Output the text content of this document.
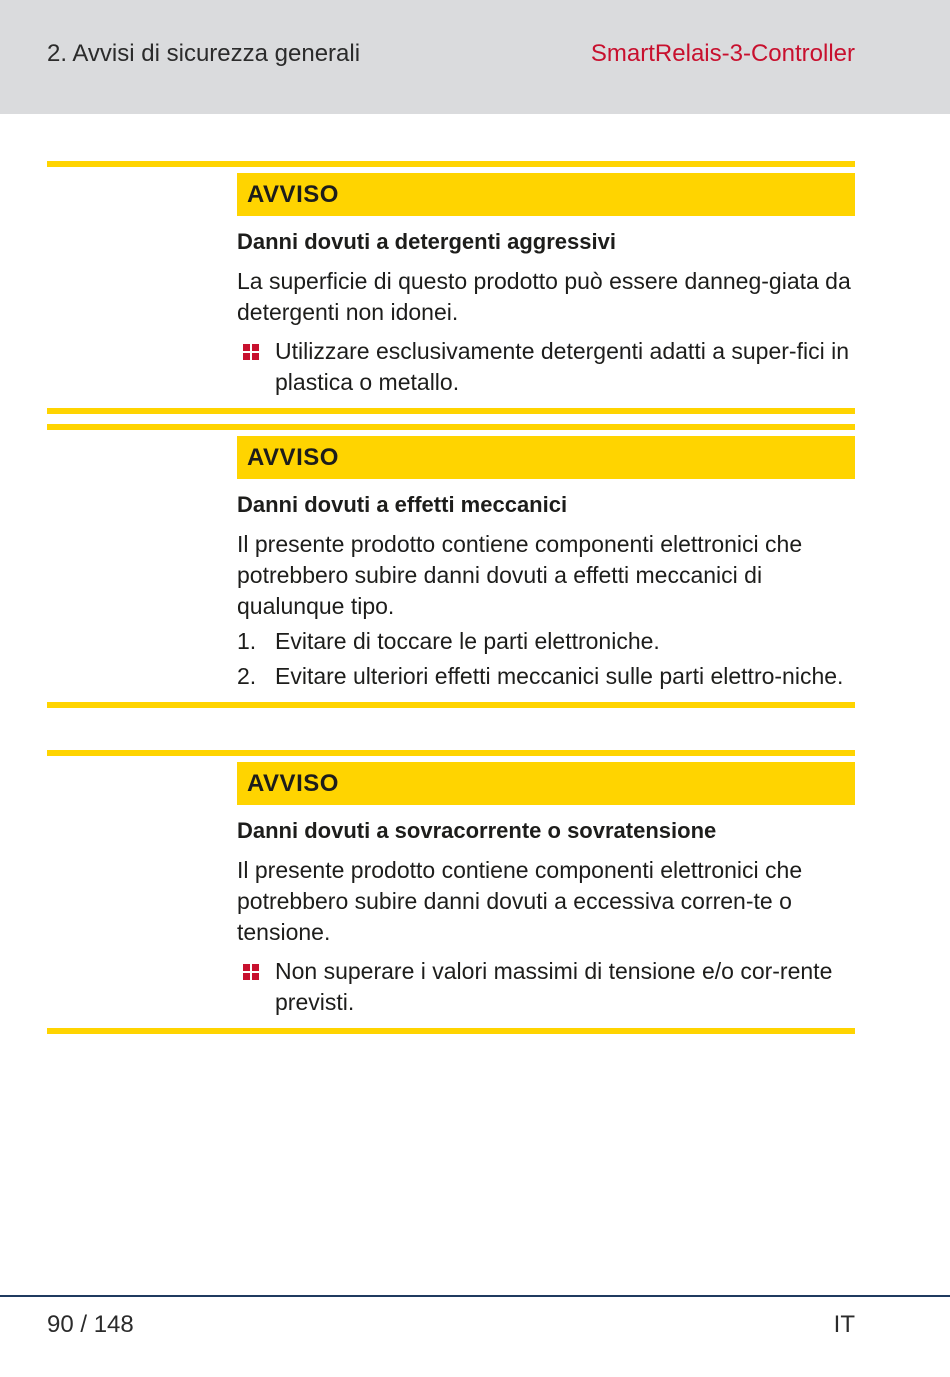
2. Avvisi di sicurezza generali	SmartRelais-3-Controller
AVVISO
Danni dovuti a detergenti aggressivi
La superficie di questo prodotto può essere danneg-giata da detergenti non idonei.
Utilizzare esclusivamente detergenti adatti a super-fici in plastica o metallo.
AVVISO
Danni dovuti a effetti meccanici
Il presente prodotto contiene componenti elettronici che potrebbero subire danni dovuti a effetti meccanici di qualunque tipo.
1. Evitare di toccare le parti elettroniche.
2. Evitare ulteriori effetti meccanici sulle parti elettro-niche.
AVVISO
Danni dovuti a sovracorrente o sovratensione
Il presente prodotto contiene componenti elettronici che potrebbero subire danni dovuti a eccessiva corren-te o tensione.
Non superare i valori massimi di tensione e/o cor-rente previsti.
90 / 148	IT
